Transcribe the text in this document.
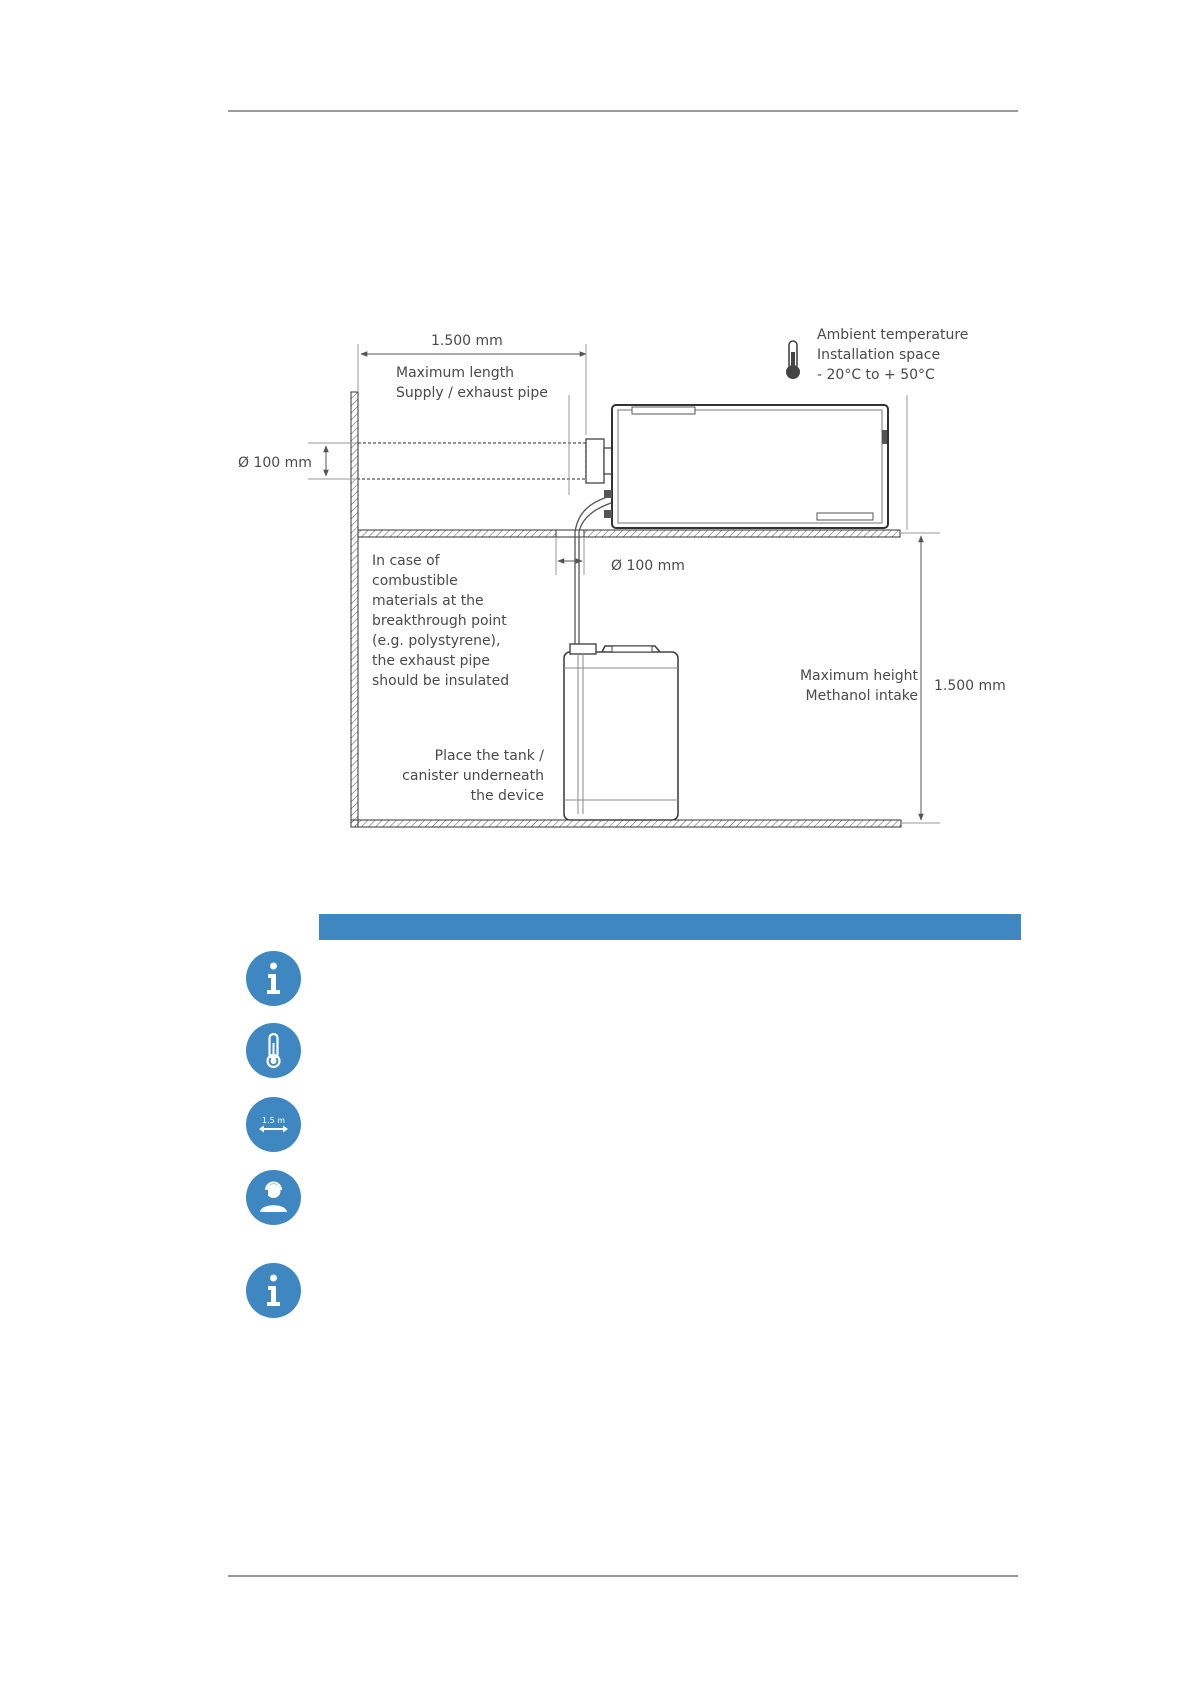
1.500 mm
Maximum length
Supply / exhaust pipe
Ambient temperature
Installation space
- 20°C to + 50°C
Ø 100 mm
Ø 100 mm
In case of
combustible
materials at the
breakthrough point
(e.g. polystyrene),
the exhaust pipe
should be insulated
Place the tank /
canister underneath
the device
Maximum height
Methanol intake
1.500 mm
1.5 m
